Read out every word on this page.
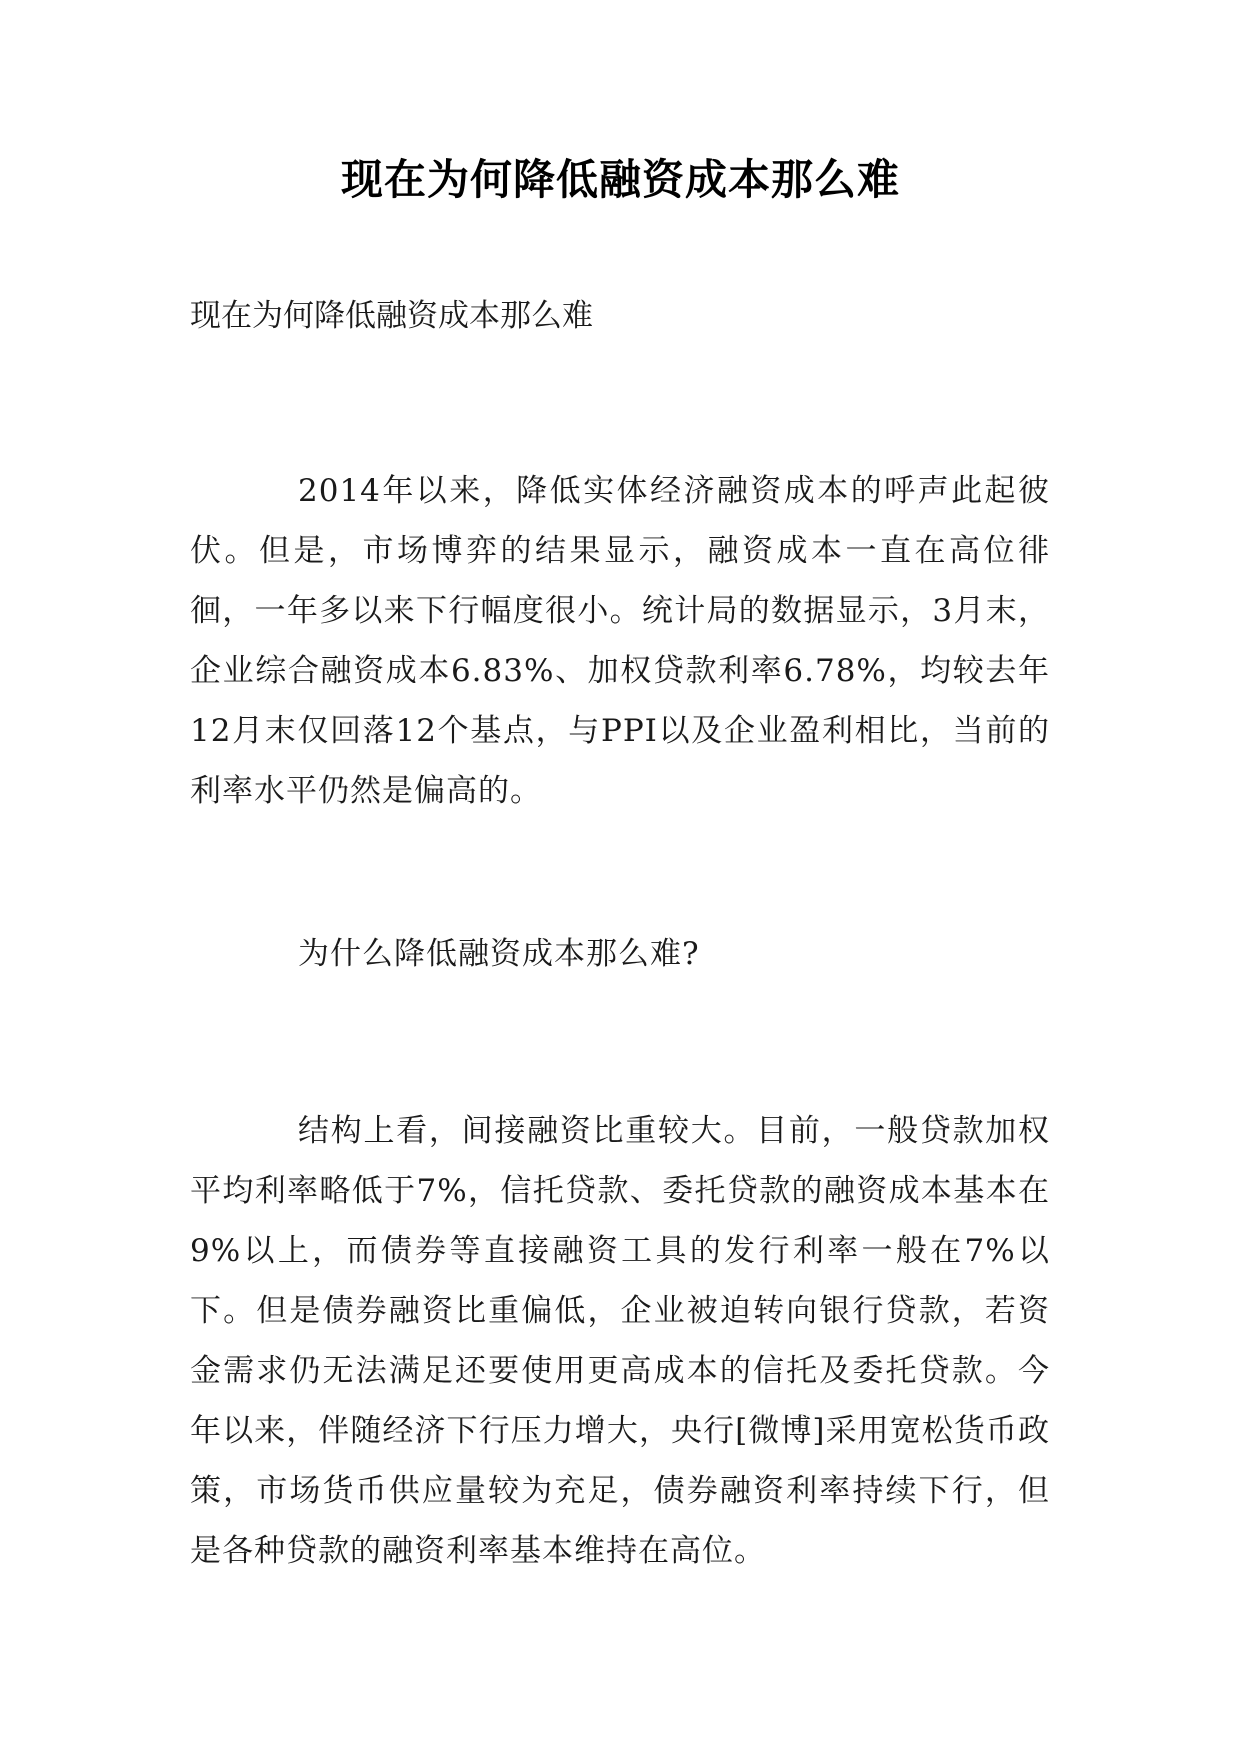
现在为何降低融资成本那么难

现在为何降低融资成本那么难

2014年以来，降低实体经济融资成本的呼声此起彼伏。但是，市场博弈的结果显示，融资成本一直在高位徘徊，一年多以来下行幅度很小。统计局的数据显示，3月末，企业综合融资成本6.83%、加权贷款利率6.78%，均较去年12月末仅回落12个基点，与PPI以及企业盈利相比，当前的利率水平仍然是偏高的。

为什么降低融资成本那么难?

结构上看，间接融资比重较大。目前，一般贷款加权平均利率略低于7%，信托贷款、委托贷款的融资成本基本在9%以上，而债券等直接融资工具的发行利率一般在7%以下。但是债券融资比重偏低，企业被迫转向银行贷款，若资金需求仍无法满足还要使用更高成本的信托及委托贷款。今年以来，伴随经济下行压力增大，央行[微博]采用宽松货币政策，市场货币供应量较为充足，债券融资利率持续下行，但是各种贷款的融资利率基本维持在高位。
